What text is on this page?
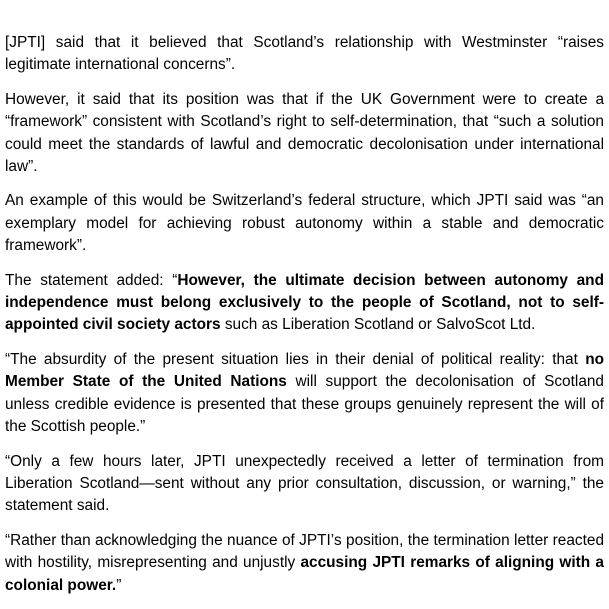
[JPTI] said that it believed that Scotland’s relationship with Westminster “raises legitimate international concerns”.

However, it said that its position was that if the UK Government were to create a “framework” consistent with Scotland’s right to self-determination, that “such a solution could meet the standards of lawful and democratic decolonisation under international law”.

An example of this would be Switzerland’s federal structure, which JPTI said was “an exemplary model for achieving robust autonomy within a stable and democratic framework”.

The statement added: “However, the ultimate decision between autonomy and independence must belong exclusively to the people of Scotland, not to self-appointed civil society actors such as Liberation Scotland or SalvoScot Ltd.

“The absurdity of the present situation lies in their denial of political reality: that no Member State of the United Nations will support the decolonisation of Scotland unless credible evidence is presented that these groups genuinely represent the will of the Scottish people.”

“Only a few hours later, JPTI unexpectedly received a letter of termination from Liberation Scotland—sent without any prior consultation, discussion, or warning,” the statement said.

“Rather than acknowledging the nuance of JPTI’s position, the termination letter reacted with hostility, misrepresenting and unjustly accusing JPTI remarks of aligning with a colonial power.”
